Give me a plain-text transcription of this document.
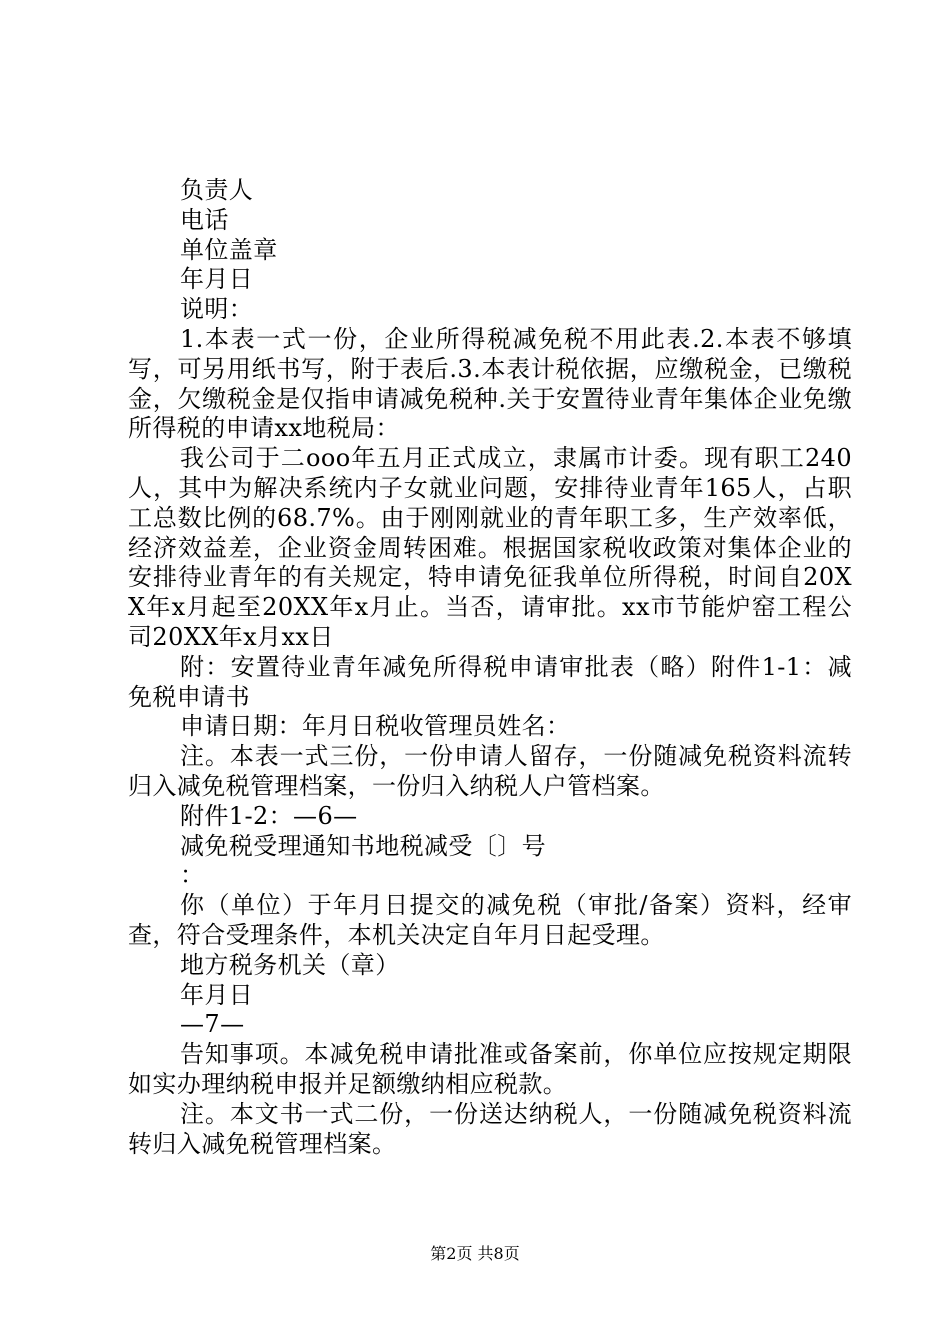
负责人

电话

单位盖章

年月日

说明：

1.本表一式一份，企业所得税减免税不用此表.2.本表不够填写，可另用纸书写，附于表后.3.本表计税依据，应缴税金，已缴税金，欠缴税金是仅指申请减免税种.关于安置待业青年集体企业免缴所得税的申请xx地税局：

我公司于二ooo年五月正式成立，隶属市计委。现有职工240人，其中为解决系统内子女就业问题，安排待业青年165人，占职工总数比例的68.7%。由于刚刚就业的青年职工多，生产效率低，经济效益差，企业资金周转困难。根据国家税收政策对集体企业的安排待业青年的有关规定，特申请免征我单位所得税，时间自20XX年x月起至20XX年x月止。当否，请审批。xx市节能炉窑工程公司20XX年x月xx日

附：安置待业青年减免所得税申请审批表（略）附件1-1：减免税申请书

申请日期：年月日税收管理员姓名：

注。本表一式三份，一份申请人留存，一份随减免税资料流转归入减免税管理档案，一份归入纳税人户管档案。

附件1-2：—6—

减免税受理通知书地税减受〔〕号

：

你（单位）于年月日提交的减免税（审批/备案）资料，经审查，符合受理条件，本机关决定自年月日起受理。

地方税务机关（章）

年月日

—7—

告知事项。本减免税申请批准或备案前，你单位应按规定期限如实办理纳税申报并足额缴纳相应税款。

注。本文书一式二份，一份送达纳税人，一份随减免税资料流转归入减免税管理档案。

第2页 共8页
